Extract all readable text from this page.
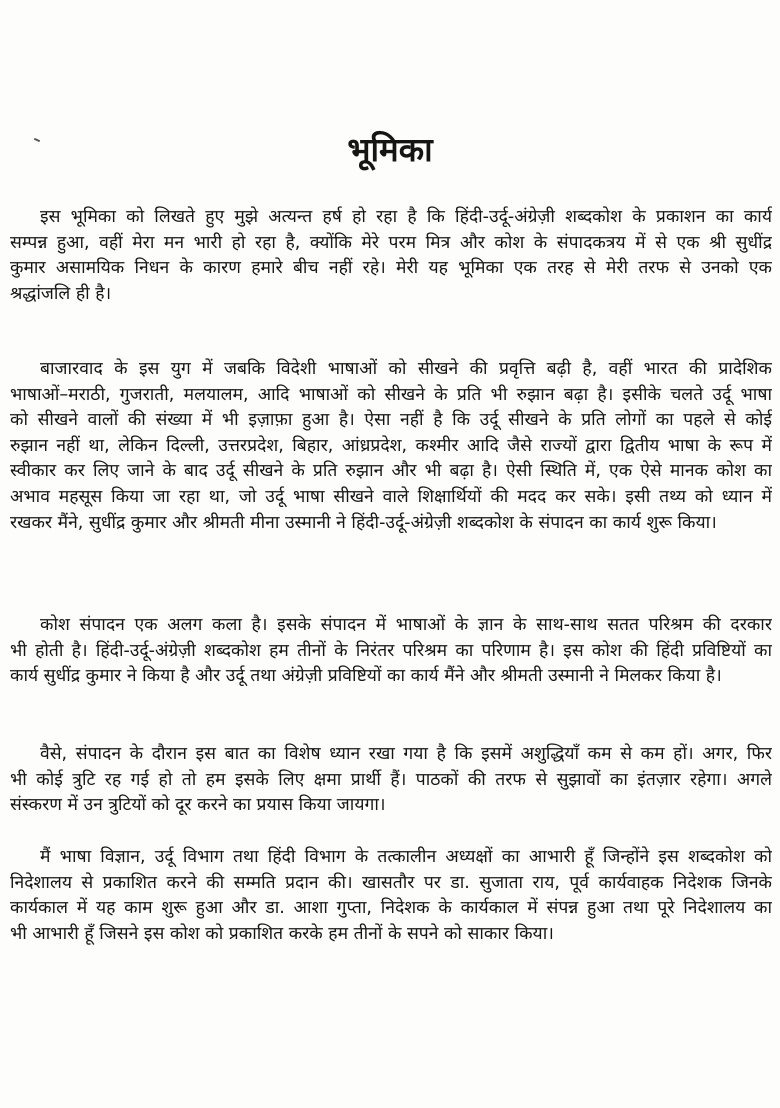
भूमिका
इस भूमिका को लिखते हुए मुझे अत्यन्त हर्ष हो रहा है कि हिंदी-उर्दू-अंग्रेज़ी शब्दकोश के प्रकाशन का कार्य
सम्पन्न हुआ, वहीं मेरा मन भारी हो रहा है, क्योंकि मेरे परम मित्र और कोश के संपादकत्रय में से एक श्री सुधींद्र
कुमार असामयिक निधन के कारण हमारे बीच नहीं रहे। मेरी यह भूमिका एक तरह से मेरी तरफ से उनको एक
श्रद्धांजलि ही है।
बाजारवाद के इस युग में जबकि विदेशी भाषाओं को सीखने की प्रवृत्ति बढ़ी है, वहीं भारत की प्रादेशिक
भाषाओं–मराठी, गुजराती, मलयालम, आदि भाषाओं को सीखने के प्रति भी रुझान बढ़ा है। इसीके चलते उर्दू भाषा
को सीखने वालों की संख्या में भी इज़ाफ़ा हुआ है। ऐसा नहीं है कि उर्दू सीखने के प्रति लोगों का पहले से कोई
रुझान नहीं था, लेकिन दिल्ली, उत्तरप्रदेश, बिहार, आंध्रप्रदेश, कश्मीर आदि जैसे राज्यों द्वारा द्वितीय भाषा के रूप में
स्वीकार कर लिए जाने के बाद उर्दू सीखने के प्रति रुझान और भी बढ़ा है। ऐसी स्थिति में, एक ऐसे मानक कोश का
अभाव महसूस किया जा रहा था, जो उर्दू भाषा सीखने वाले शिक्षार्थियों की मदद कर सके। इसी तथ्य को ध्यान में
रखकर मैंने, सुधींद्र कुमार और श्रीमती मीना उस्मानी ने हिंदी-उर्दू-अंग्रेज़ी शब्दकोश के संपादन का कार्य शुरू किया।
कोश संपादन एक अलग कला है। इसके संपादन में भाषाओं के ज्ञान के साथ-साथ सतत परिश्रम की दरकार
भी होती है। हिंदी-उर्दू-अंग्रेज़ी शब्दकोश हम तीनों के निरंतर परिश्रम का परिणाम है। इस कोश की हिंदी प्रविष्टियों का
कार्य सुधींद्र कुमार ने किया है और उर्दू तथा अंग्रेज़ी प्रविष्टियों का कार्य मैंने और श्रीमती उस्मानी ने मिलकर किया है।
वैसे, संपादन के दौरान इस बात का विशेष ध्यान रखा गया है कि इसमें अशुद्धियाँ कम से कम हों। अगर, फिर
भी कोई त्रुटि रह गई हो तो हम इसके लिए क्षमा प्रार्थी हैं। पाठकों की तरफ से सुझावों का इंतज़ार रहेगा। अगले
संस्करण में उन त्रुटियों को दूर करने का प्रयास किया जायगा।
मैं भाषा विज्ञान, उर्दू विभाग तथा हिंदी विभाग के तत्कालीन अध्यक्षों का आभारी हूँ जिन्होंने इस शब्दकोश को
निदेशालय से प्रकाशित करने की सम्मति प्रदान की। खासतौर पर डा. सुजाता राय, पूर्व कार्यवाहक निदेशक जिनके
कार्यकाल में यह काम शुरू हुआ और डा. आशा गुप्ता, निदेशक के कार्यकाल में संपन्न हुआ तथा पूरे निदेशालय का
भी आभारी हूँ जिसने इस कोश को प्रकाशित करके हम तीनों के सपने को साकार किया।
